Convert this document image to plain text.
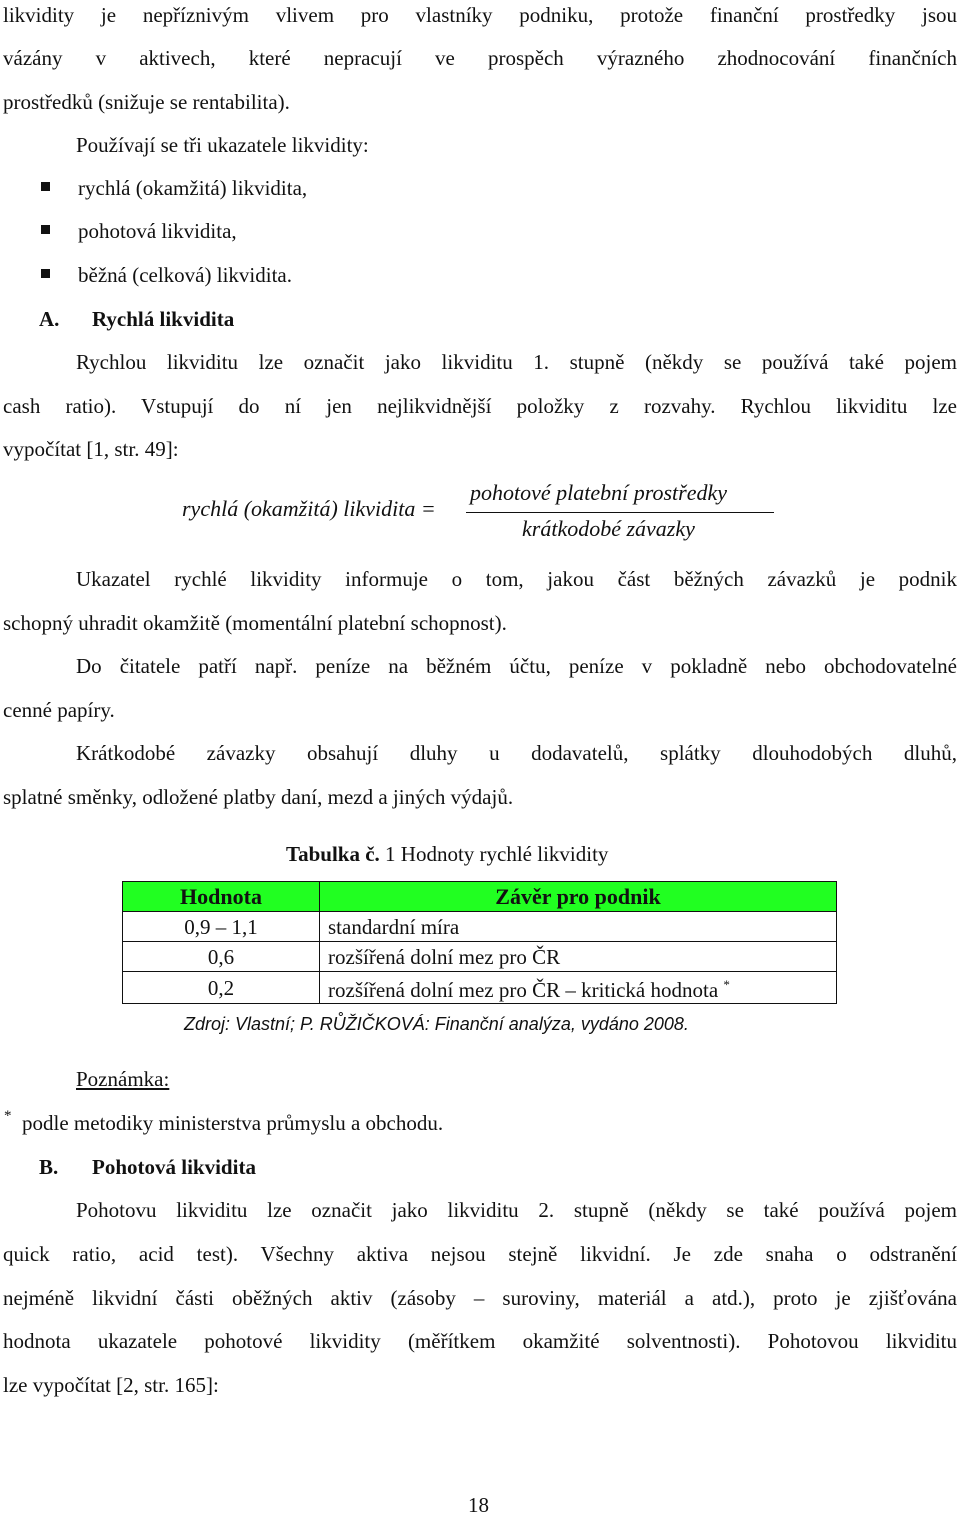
likvidity je nepříznivým vlivem pro vlastníky podniku, protože finanční prostředky jsou
vázány v aktivech, které nepracují ve prospěch výrazného zhodnocování finančních
prostředků (snižuje se rentabilita).
Používají se tři ukazatele likvidity:
rychlá (okamžitá) likvidita,
pohotová likvidita,
běžná (celková) likvidita.
A. Rychlá likvidita
Rychlou likviditu lze označit jako likviditu 1. stupně (někdy se používá také pojem
cash ratio). Vstupují do ní jen nejlikvidnější položky z rozvahy. Rychlou likviditu lze
vypočítat [1, str. 49]:
rychlá (okamžitá) likvidita =
pohotové platební prostředky
krátkodobé závazky
Ukazatel rychlé likvidity informuje o tom, jakou část běžných závazků je podnik
schopný uhradit okamžitě (momentální platební schopnost).
Do čitatele patří např. peníze na běžném účtu, peníze v pokladně nebo obchodovatelné
cenné papíry.
Krátkodobé závazky obsahují dluhy u dodavatelů, splátky dlouhodobých dluhů,
splatné směnky, odložené platby daní, mezd a jiných výdajů.
Tabulka č. 1 Hodnoty rychlé likvidity
Hodnota	Závěr pro podnik
0,9 – 1,1	standardní míra
0,6	rozšířená dolní mez pro ČR
0,2	rozšířená dolní mez pro ČR – kritická hodnota *
Zdroj: Vlastní; P. RŮŽIČKOVÁ: Finanční analýza, vydáno 2008.
Poznámka:
* podle metodiky ministerstva průmyslu a obchodu.
B. Pohotová likvidita
Pohotovu likviditu lze označit jako likviditu 2. stupně (někdy se také používá pojem
quick ratio, acid test). Všechny aktiva nejsou stejně likvidní. Je zde snaha o odstranění
nejméně likvidní části oběžných aktiv (zásoby – suroviny, materiál a atd.), proto je zjišťována
hodnota ukazatele pohotové likvidity (měřítkem okamžité solventnosti). Pohotovou likviditu
lze vypočítat [2, str. 165]:
18
